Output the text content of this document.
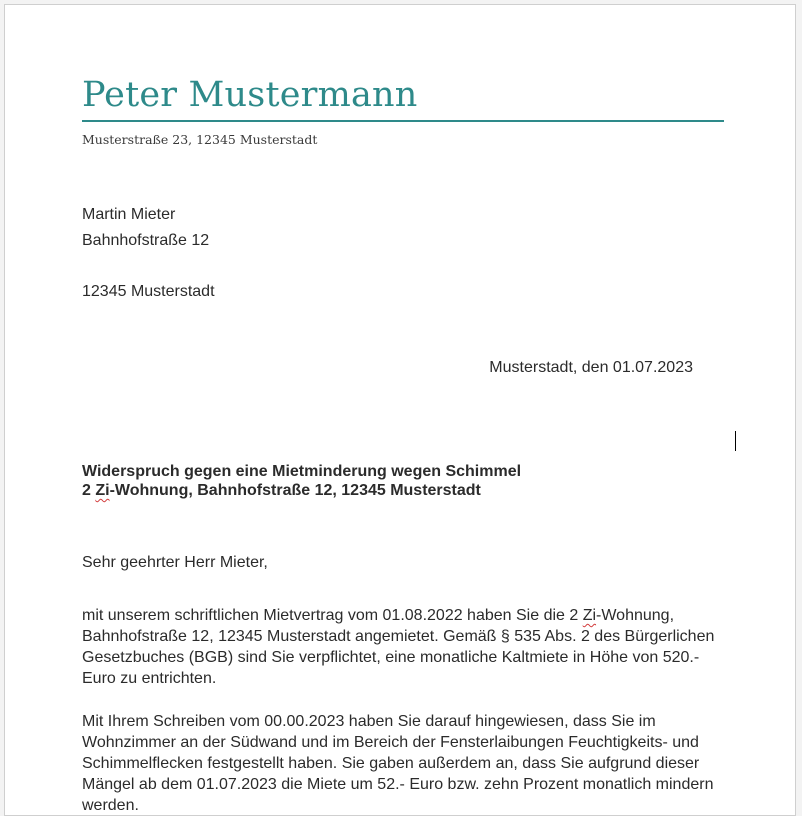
Peter Mustermann
Musterstraße 23, 12345 Musterstadt
Martin Mieter
Bahnhofstraße 12
12345 Musterstadt
Musterstadt, den 01.07.2023
Widerspruch gegen eine Mietminderung wegen Schimmel
2 Zi-Wohnung, Bahnhofstraße 12, 12345 Musterstadt
Sehr geehrter Herr Mieter,
mit unserem schriftlichen Mietvertrag vom 01.08.2022 haben Sie die 2 Zi-Wohnung,
Bahnhofstraße 12, 12345 Musterstadt angemietet. Gemäß § 535 Abs. 2 des Bürgerlichen
Gesetzbuches (BGB) sind Sie verpflichtet, eine monatliche Kaltmiete in Höhe von 520.-
Euro zu entrichten.
Mit Ihrem Schreiben vom 00.00.2023 haben Sie darauf hingewiesen, dass Sie im
Wohnzimmer an der Südwand und im Bereich der Fensterlaibungen Feuchtigkeits- und
Schimmelflecken festgestellt haben. Sie gaben außerdem an, dass Sie aufgrund dieser
Mängel ab dem 01.07.2023 die Miete um 52.- Euro bzw. zehn Prozent monatlich mindern
werden.
